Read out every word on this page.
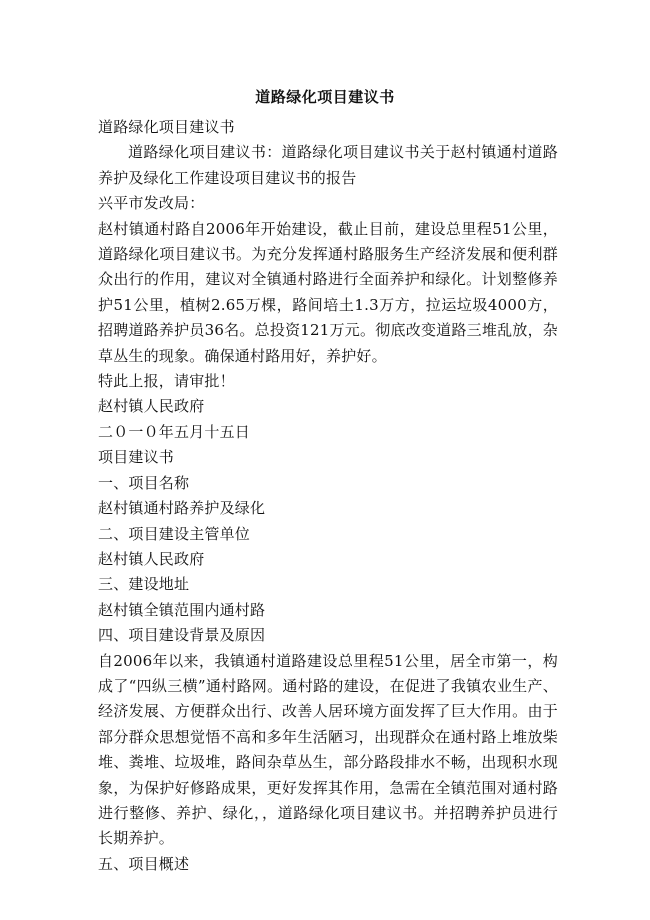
道路绿化项目建议书

道路绿化项目建议书

道路绿化项目建议书：道路绿化项目建议书关于赵村镇通村道路养护及绿化工作建设项目建议书的报告

兴平市发改局：

赵村镇通村路自2006年开始建设，截止目前，建设总里程51公里，道路绿化项目建议书。为充分发挥通村路服务生产经济发展和便利群众出行的作用，建议对全镇通村路进行全面养护和绿化。计划整修养护51公里，植树2.65万棵，路间培土1.3万方，拉运垃圾4000方，招聘道路养护员36名。总投资121万元。彻底改变道路三堆乱放，杂草丛生的现象。确保通村路用好，养护好。

特此上报，请审批！

赵村镇人民政府

二０一０年五月十五日

项目建议书

一、项目名称

赵村镇通村路养护及绿化

二、项目建设主管单位

赵村镇人民政府

三、建设地址

赵村镇全镇范围内通村路

四、项目建设背景及原因

自2006年以来，我镇通村道路建设总里程51公里，居全市第一，构成了“四纵三横”通村路网。通村路的建设，在促进了我镇农业生产、经济发展、方便群众出行、改善人居环境方面发挥了巨大作用。由于部分群众思想觉悟不高和多年生活陋习，出现群众在通村路上堆放柴堆、粪堆、垃圾堆，路间杂草丛生，部分路段排水不畅，出现积水现象，为保护好修路成果，更好发挥其作用，急需在全镇范围对通村路进行整修、养护、绿化，，道路绿化项目建议书。并招聘养护员进行长期养护。

五、项目概述
